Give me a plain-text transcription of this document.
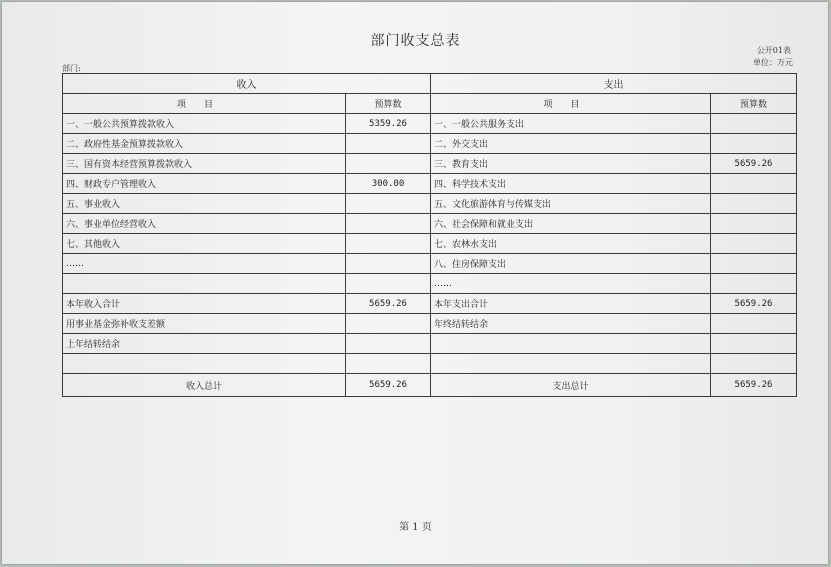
部门收支总表
公开01表
单位：万元
部门:
收入		支出	
项目	预算数	项目	预算数
一、一般公共预算拨款收入	5359.26	一、一般公共服务支出	
二、政府性基金预算拨款收入		二、外交支出	
三、国有资本经营预算拨款收入		三、教育支出	5659.26
四、财政专户管理收入	300.00	四、科学技术支出	
五、事业收入		五、文化旅游体育与传媒支出	
六、事业单位经营收入		六、社会保障和就业支出	
七、其他收入		七、农林水支出	
……		八、住房保障支出	
		……	
本年收入合计	5659.26	本年支出合计	5659.26
用事业基金弥补收支差额		年终结转结余	
上年结转结余			

收入总计	5659.26	支出总计	5659.26
第 1 页
